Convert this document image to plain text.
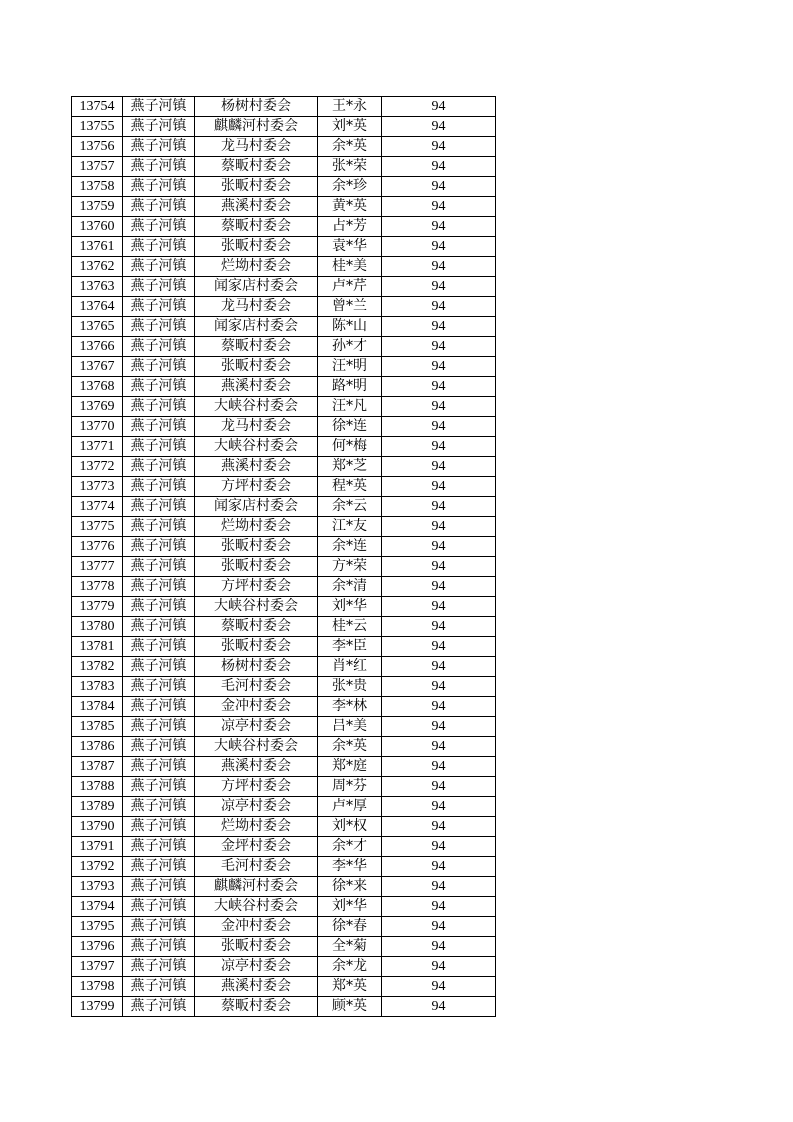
13754	燕子河镇	杨树村委会	王*永	94
13755	燕子河镇	麒麟河村委会	刘*英	94
13756	燕子河镇	龙马村委会	余*英	94
13757	燕子河镇	蔡畈村委会	张*荣	94
13758	燕子河镇	张畈村委会	余*珍	94
13759	燕子河镇	燕溪村委会	黄*英	94
13760	燕子河镇	蔡畈村委会	占*芳	94
13761	燕子河镇	张畈村委会	袁*华	94
13762	燕子河镇	烂坳村委会	桂*美	94
13763	燕子河镇	闻家店村委会	卢*芹	94
13764	燕子河镇	龙马村委会	曾*兰	94
13765	燕子河镇	闻家店村委会	陈*山	94
13766	燕子河镇	蔡畈村委会	孙*才	94
13767	燕子河镇	张畈村委会	汪*明	94
13768	燕子河镇	燕溪村委会	路*明	94
13769	燕子河镇	大峡谷村委会	汪*凡	94
13770	燕子河镇	龙马村委会	徐*连	94
13771	燕子河镇	大峡谷村委会	何*梅	94
13772	燕子河镇	燕溪村委会	郑*芝	94
13773	燕子河镇	方坪村委会	程*英	94
13774	燕子河镇	闻家店村委会	余*云	94
13775	燕子河镇	烂坳村委会	江*友	94
13776	燕子河镇	张畈村委会	余*连	94
13777	燕子河镇	张畈村委会	方*荣	94
13778	燕子河镇	方坪村委会	余*清	94
13779	燕子河镇	大峡谷村委会	刘*华	94
13780	燕子河镇	蔡畈村委会	桂*云	94
13781	燕子河镇	张畈村委会	李*臣	94
13782	燕子河镇	杨树村委会	肖*红	94
13783	燕子河镇	毛河村委会	张*贵	94
13784	燕子河镇	金冲村委会	李*林	94
13785	燕子河镇	凉亭村委会	吕*美	94
13786	燕子河镇	大峡谷村委会	余*英	94
13787	燕子河镇	燕溪村委会	郑*庭	94
13788	燕子河镇	方坪村委会	周*芬	94
13789	燕子河镇	凉亭村委会	卢*厚	94
13790	燕子河镇	烂坳村委会	刘*权	94
13791	燕子河镇	金坪村委会	余*才	94
13792	燕子河镇	毛河村委会	李*华	94
13793	燕子河镇	麒麟河村委会	徐*来	94
13794	燕子河镇	大峡谷村委会	刘*华	94
13795	燕子河镇	金冲村委会	徐*春	94
13796	燕子河镇	张畈村委会	全*菊	94
13797	燕子河镇	凉亭村委会	余*龙	94
13798	燕子河镇	燕溪村委会	郑*英	94
13799	燕子河镇	蔡畈村委会	顾*英	94
